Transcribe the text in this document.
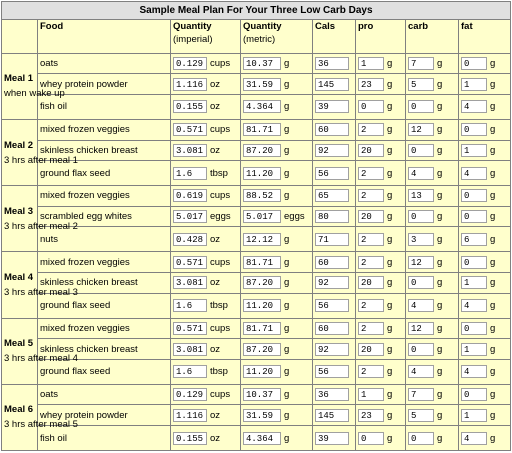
Sample Meal Plan For Your Three Low Carb Days							
	Food	Quantity
(imperial)	Quantity
(metric)	Cals	pro	carb	fat

Meal 1
when wake up	oats	0.129 cups	10.37 g	36	1 g	7 g	0 g
	whey protein powder	1.116 oz	31.59 g	145	23 g	5 g	1 g
	fish oil	0.155 oz	4.364 g	39	0 g	0 g	4 g

Meal 2
3 hrs after meal 1	mixed frozen veggies	0.571 cups	81.71 g	60	2 g	12 g	0 g
	skinless chicken breast	3.081 oz	87.20 g	92	20 g	0 g	1 g
	ground flax seed	1.6 tbsp	11.20 g	56	2 g	4 g	4 g

Meal 3
3 hrs after meal 2	mixed frozen veggies	0.619 cups	88.52 g	65	2 g	13 g	0 g
	scrambled egg whites	5.017 eggs	5.017 eggs	80	20 g	0 g	0 g
	nuts	0.428 oz	12.12 g	71	2 g	3 g	6 g

Meal 4
3 hrs after meal 3	mixed frozen veggies	0.571 cups	81.71 g	60	2 g	12 g	0 g
	skinless chicken breast	3.081 oz	87.20 g	92	20 g	0 g	1 g
	ground flax seed	1.6 tbsp	11.20 g	56	2 g	4 g	4 g

Meal 5
3 hrs after meal 4	mixed frozen veggies	0.571 cups	81.71 g	60	2 g	12 g	0 g
	skinless chicken breast	3.081 oz	87.20 g	92	20 g	0 g	1 g
	ground flax seed	1.6 tbsp	11.20 g	56	2 g	4 g	4 g

Meal 6
3 hrs after meal 5	oats	0.129 cups	10.37 g	36	1 g	7 g	0 g
	whey protein powder	1.116 oz	31.59 g	145	23 g	5 g	1 g
	fish oil	0.155 oz	4.364 g	39	0 g	0 g	4 g
